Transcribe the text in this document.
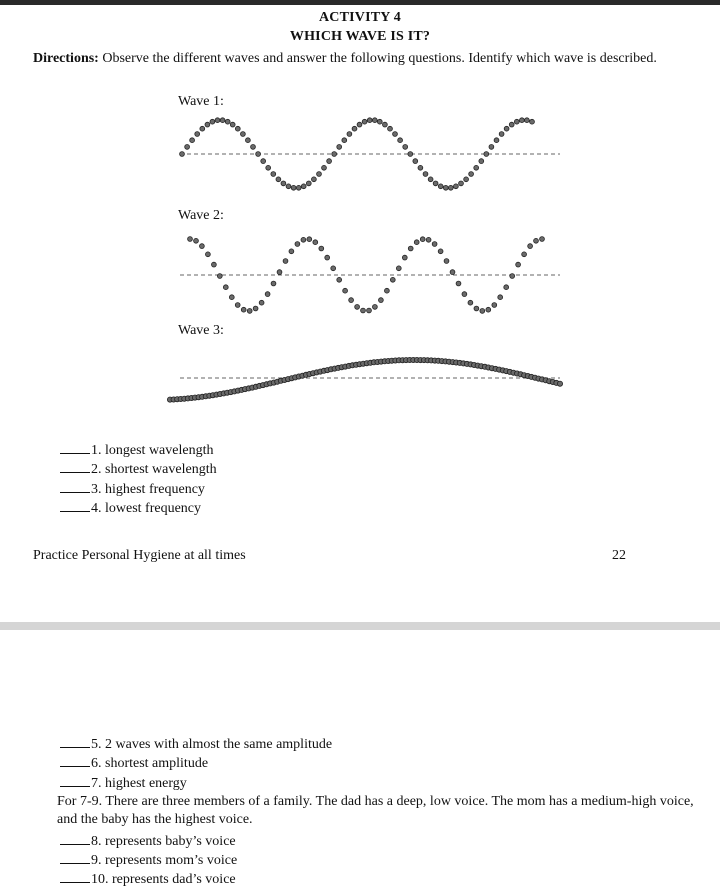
ACTIVITY 4
WHICH WAVE IS IT?
Directions: Observe the different waves and answer the following questions. Identify which wave is described.
Wave 1:
Wave 2:
Wave 3:
1. longest wavelength
2. shortest wavelength
3. highest frequency
4. lowest frequency
Practice Personal Hygiene at all times	22
5. 2 waves with almost the same amplitude
6. shortest amplitude
7. highest energy
For 7-9. There are three members of a family. The dad has a deep, low voice. The mom has a medium-high voice, and the baby has the highest voice.
8. represents baby’s voice
9. represents mom’s voice
10. represents dad’s voice
